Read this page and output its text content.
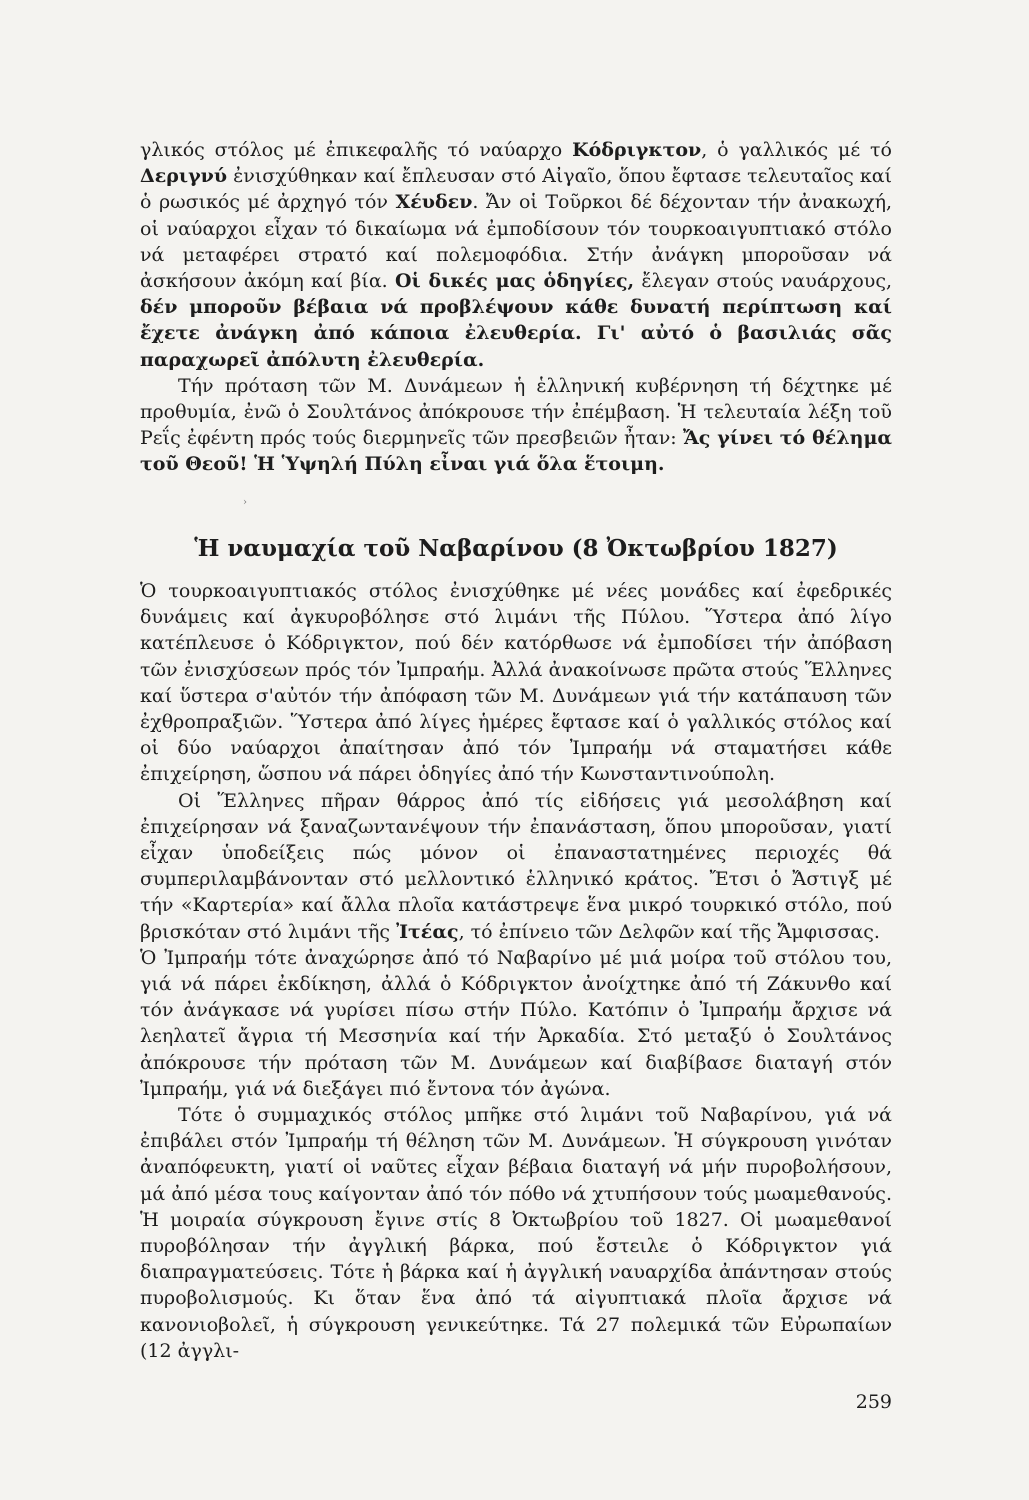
γλικός στόλος μέ ἐπικεφαλῆς τό ναύαρχο Κόδριγκτον, ὁ γαλλικός μέ τό Δεριγνύ ἐνισχύθηκαν καί ἔπλευσαν στό Αἰγαῖο, ὅπου ἔφτασε τελευταῖος καί ὁ ρωσικός μέ ἀρχηγό τόν Χέυδεν. Ἄν οἱ Τοῦρκοι δέ δέχονταν τήν ἀνακωχή, οἱ ναύαρχοι εἶχαν τό δικαίωμα νά ἐμποδίσουν τόν τουρκοαιγυπτιακό στόλο νά μεταφέρει στρατό καί πολεμοφόδια. Στήν ἀνάγκη μποροῦσαν νά ἀσκήσουν ἀκόμη καί βία. Οἱ δικές μας ὁδηγίες, ἔλεγαν στούς ναυάρχους, δέν μποροῦν βέβαια νά προβλέψουν κάθε δυνατή περίπτωση καί ἔχετε ἀνάγκη ἀπό κάποια ἐλευθερία. Γι' αὐτό ὁ βασιλιάς σᾶς παραχωρεῖ ἀπόλυτη ἐλευθερία.

Τήν πρόταση τῶν Μ. Δυνάμεων ἡ ἑλληνική κυβέρνηση τή δέχτηκε μέ προθυμία, ἐνῶ ὁ Σουλτάνος ἀπόκρουσε τήν ἐπέμβαση. Ἡ τελευταία λέξη τοῦ Ρεΐς ἐφέντη πρός τούς διερμηνεῖς τῶν πρεσβειῶν ἦταν: Ἄς γίνει τό θέλημα τοῦ Θεοῦ! Ἡ Ὑψηλή Πύλη εἶναι γιά ὅλα ἕτοιμη.

›
Ἡ ναυμαχία τοῦ Ναβαρίνου (8 Ὀκτωβρίου 1827)

Ὁ τουρκοαιγυπτιακός στόλος ἐνισχύθηκε μέ νέες μονάδες καί ἐφεδρικές δυνάμεις καί ἀγκυροβόλησε στό λιμάνι τῆς Πύλου. Ὕστερα ἀπό λίγο κατέπλευσε ὁ Κόδριγκτον, πού δέν κατόρθωσε νά ἐμποδίσει τήν ἀπόβαση τῶν ἐνισχύσεων πρός τόν Ἰμπραήμ. Ἀλλά ἀνακοίνωσε πρῶτα στούς Ἕλληνες καί ὕστερα σ'αὐτόν τήν ἀπόφαση τῶν Μ. Δυνάμεων γιά τήν κατάπαυση τῶν ἐχθροπραξιῶν. Ὕστερα ἀπό λίγες ἡμέρες ἔφτασε καί ὁ γαλλικός στόλος καί οἱ δύο ναύαρχοι ἀπαίτησαν ἀπό τόν Ἰμπραήμ νά σταματήσει κάθε ἐπιχείρηση, ὥσπου νά πάρει ὁδηγίες ἀπό τήν Κωνσταντινούπολη.

Οἱ Ἕλληνες πῆραν θάρρος ἀπό τίς εἰδήσεις γιά μεσολάβηση καί ἐπιχείρησαν νά ξαναζωντανέψουν τήν ἐπανάσταση, ὅπου μποροῦσαν, γιατί εἶχαν ὑποδείξεις πώς μόνον οἱ ἐπαναστατημένες περιοχές θά συμπεριλαμβάνονταν στό μελλοντικό ἑλληνικό κράτος. Ἔτσι ὁ Ἄστιγξ μέ τήν «Καρτερία» καί ἄλλα πλοῖα κατάστρεψε ἕνα μικρό τουρκικό στόλο, πού βρισκόταν στό λιμάνι τῆς Ἰτέας, τό ἐπίνειο τῶν Δελφῶν καί τῆς Ἄμφισσας.

Ὁ Ἰμπραήμ τότε ἀναχώρησε ἀπό τό Ναβαρίνο μέ μιά μοίρα τοῦ στόλου του, γιά νά πάρει ἐκδίκηση, ἀλλά ὁ Κόδριγκτον ἀνοίχτηκε ἀπό τή Ζάκυνθο καί τόν ἀνάγκασε νά γυρίσει πίσω στήν Πύλο. Κατόπιν ὁ Ἰμπραήμ ἄρχισε νά λεηλατεῖ ἄγρια τή Μεσσηνία καί τήν Ἀρκαδία. Στό μεταξύ ὁ Σουλτάνος ἀπόκρουσε τήν πρόταση τῶν Μ. Δυνάμεων καί διαβίβασε διαταγή στόν Ἰμπραήμ, γιά νά διεξάγει πιό ἔντονα τόν ἀγώνα.

Τότε ὁ συμμαχικός στόλος μπῆκε στό λιμάνι τοῦ Ναβαρίνου, γιά νά ἐπιβάλει στόν Ἰμπραήμ τή θέληση τῶν Μ. Δυνάμεων. Ἡ σύγκρουση γινόταν ἀναπόφευκτη, γιατί οἱ ναῦτες εἶχαν βέβαια διαταγή νά μήν πυροβολήσουν, μά ἀπό μέσα τους καίγονταν ἀπό τόν πόθο νά χτυπήσουν τούς μωαμεθανούς. Ἡ μοιραία σύγκρουση ἔγινε στίς 8 Ὀκτωβρίου τοῦ 1827. Οἱ μωαμεθανοί πυροβόλησαν τήν ἀγγλική βάρκα, πού ἔστειλε ὁ Κόδριγκτον γιά διαπραγματεύσεις. Τότε ἡ βάρκα καί ἡ ἀγγλική ναυαρχίδα ἀπάντησαν στούς πυροβολισμούς. Κι ὅταν ἕνα ἀπό τά αἰγυπτιακά πλοῖα ἄρχισε νά κανονιοβολεῖ, ἡ σύγκρουση γενικεύτηκε. Τά 27 πολεμικά τῶν Εὐρωπαίων (12 ἀγγλι-

259
